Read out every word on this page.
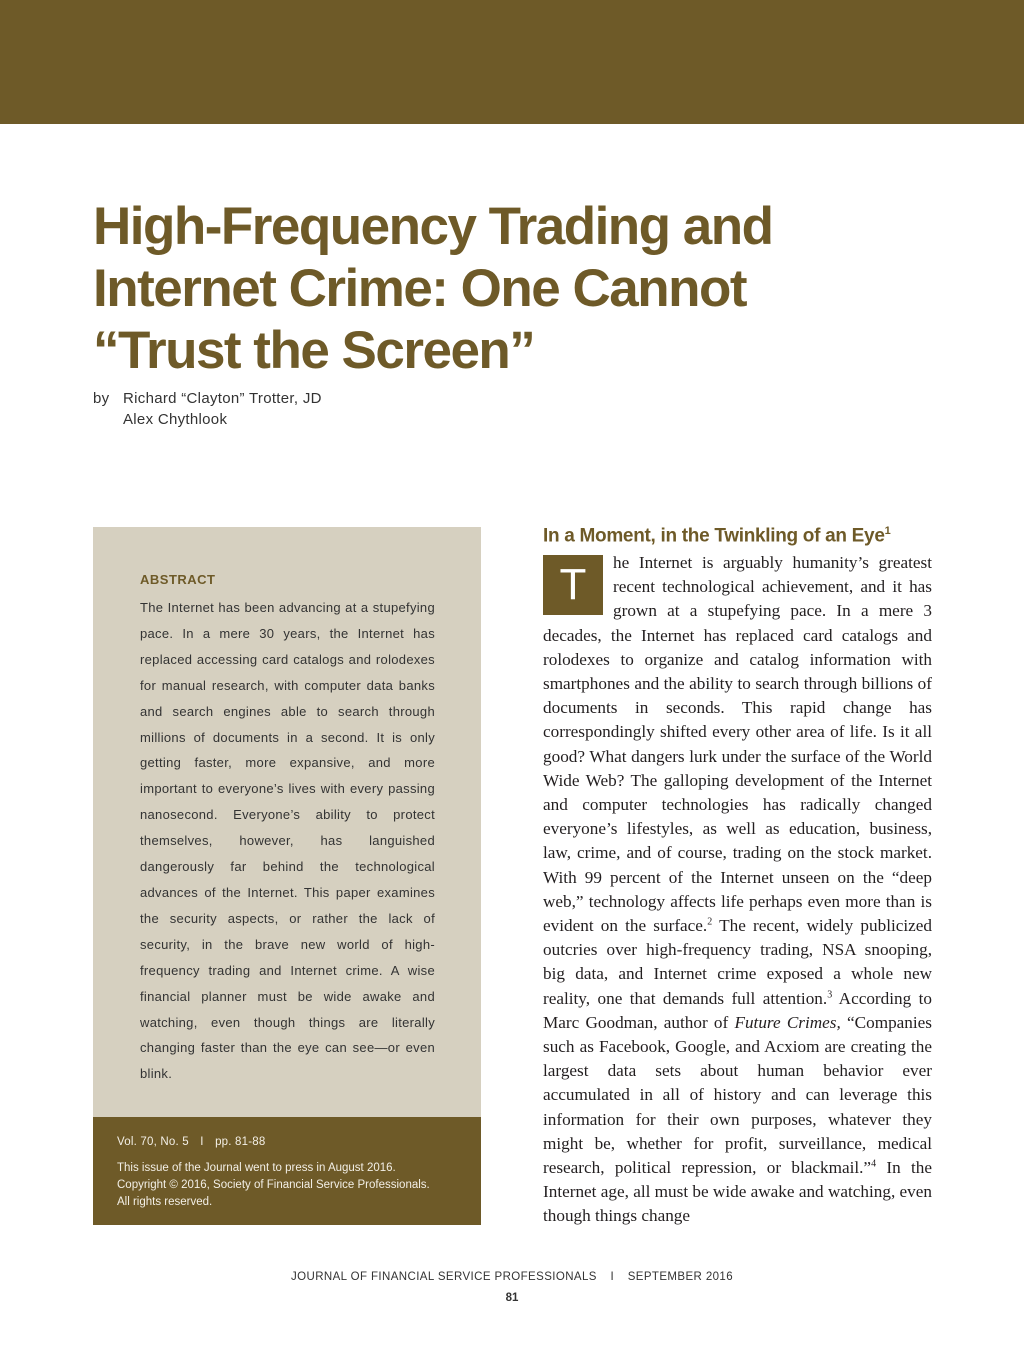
High-Frequency Trading and Internet Crime: One Cannot “Trust the Screen”
by Richard “Clayton” Trotter, JD
Alex Chythlook
ABSTRACT

The Internet has been advancing at a stupefying pace. In a mere 30 years, the Internet has replaced accessing card catalogs and rolodexes for manual research, with computer data banks and search engines able to search through millions of documents in a second. It is only getting faster, more expansive, and more important to everyone’s lives with every passing nanosecond. Everyone’s ability to protect themselves, however, has languished dangerously far behind the technological advances of the Internet. This paper examines the security aspects, or rather the lack of security, in the brave new world of high-frequency trading and Internet crime. A wise financial planner must be wide awake and watching, even though things are literally changing faster than the eye can see—or even blink.

Vol. 70, No. 5 I pp. 81-88
This issue of the Journal went to press in August 2016.
Copyright © 2016, Society of Financial Service Professionals.
All rights reserved.
In a Moment, in the Twinkling of an Eye$^1$
T	he Internet is arguably humanity’s greatest recent technological achievement, and it has grown at a stupefying pace. In a mere 3 decades, the Internet has replaced card catalogs and rolodexes to organize and catalog information with smartphones and the ability to search through billions of documents in seconds. This rapid change has correspondingly shifted every other area of life. Is it all good? What dangers lurk under the surface of the World Wide Web? The galloping development of the Internet and computer technologies has radically changed everyone’s lifestyles, as well as education, business, law, crime, and of course, trading on the stock market. With 99 percent of the Internet unseen on the “deep web,” technology affects life perhaps even more than is evident on the surface.$^2$ The recent, widely publicized outcries over high-frequency trading, NSA snooping, big data, and Internet crime exposed a whole new reality, one that demands full attention.$^3$ According to Marc Goodman, author of Future Crimes, “Companies such as Facebook, Google, and Acxiom are creating the largest data sets about human behavior ever accumulated in all of history and can leverage this information for their own purposes, whatever they might be, whether for profit, surveillance, medical research, political repression, or blackmail.”$^4$ In the Internet age, all must be wide awake and watching, even though things change

JOURNAL OF FINANCIAL SERVICE PROFESSIONALS I SEPTEMBER 2016
81
